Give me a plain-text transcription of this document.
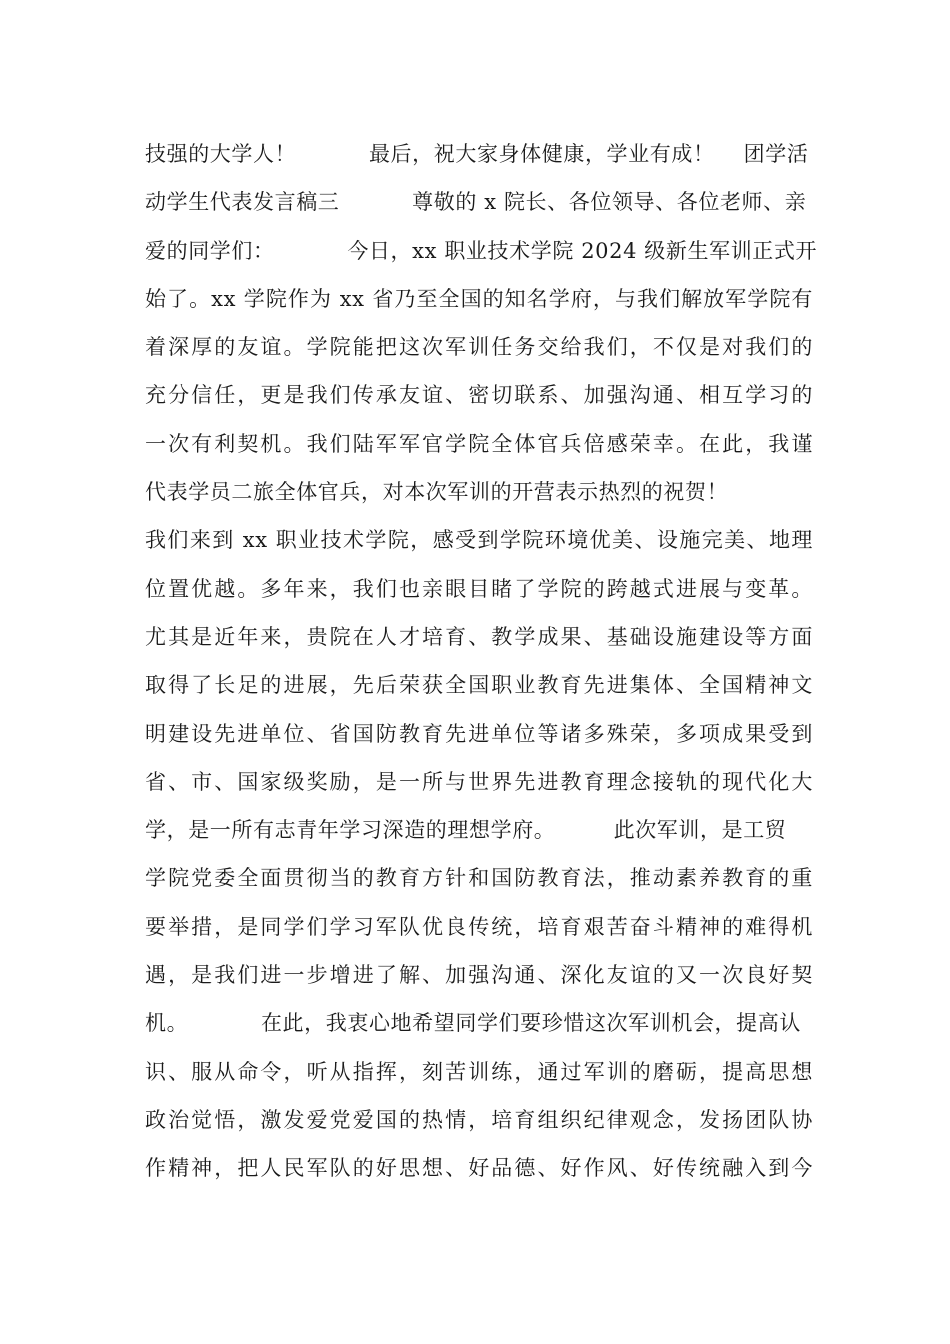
技强的大学人！          最后，祝大家身体健康，学业有成！    团学活
动学生代表发言稿三          尊敬的 x 院长、各位领导、各位老师、亲
爱的同学们：          今日，xx 职业技术学院 2024 级新生军训正式开
始了。xx 学院作为 xx 省乃至全国的知名学府，与我们解放军学院有
着深厚的友谊。学院能把这次军训任务交给我们，不仅是对我们的
充分信任，更是我们传承友谊、密切联系、加强沟通、相互学习的
一次有利契机。我们陆军军官学院全体官兵倍感荣幸。在此，我谨
代表学员二旅全体官兵，对本次军训的开营表示热烈的祝贺！
我们来到 xx 职业技术学院，感受到学院环境优美、设施完美、地理
位置优越。多年来，我们也亲眼目睹了学院的跨越式进展与变革。
尤其是近年来，贵院在人才培育、教学成果、基础设施建设等方面
取得了长足的进展，先后荣获全国职业教育先进集体、全国精神文
明建设先进单位、省国防教育先进单位等诸多殊荣，多项成果受到
省、市、国家级奖励，是一所与世界先进教育理念接轨的现代化大
学，是一所有志青年学习深造的理想学府。        此次军训，是工贸
学院党委全面贯彻当的教育方针和国防教育法，推动素养教育的重
要举措，是同学们学习军队优良传统，培育艰苦奋斗精神的难得机
遇，是我们进一步增进了解、加强沟通、深化友谊的又一次良好契
机。          在此，我衷心地希望同学们要珍惜这次军训机会，提高认
识、服从命令，听从指挥，刻苦训练，通过军训的磨砺，提高思想
政治觉悟，激发爱党爱国的热情，培育组织纪律观念，发扬团队协
作精神，把人民军队的好思想、好品德、好作风、好传统融入到今
